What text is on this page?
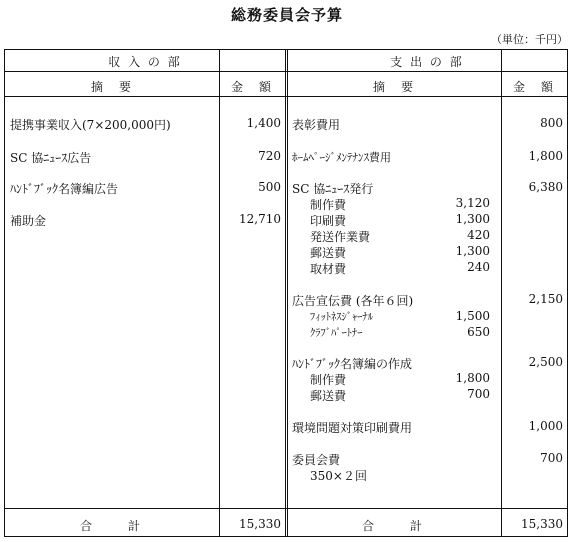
総務委員会予算
（単位：千円）
収 入 の 部
摘　要	金　額
支 出 の 部
摘　要	金　額
提携事業収入(7×200,000円)	1,400
SC 協ﾆｭｰｽ広告	720
ﾊﾝﾄﾞﾌﾞｯｸ名簿編広告	500
補助金	12,710
表彰費用	800
ﾎｰﾑﾍﾟｰｼﾞﾒﾝﾃﾅﾝｽ費用	1,800
SC 協ﾆｭｰｽ発行	6,380
制作費	3,120
印刷費	1,300
発送作業費	420
郵送費	1,300
取材費	240
広告宣伝費 (各年６回)	2,150
ﾌｨｯﾄﾈｽｼﾞｬｰﾅﾙ	1,500
ｸﾗﾌﾞﾊﾟｰﾄﾅｰ	650
ﾊﾝﾄﾞﾌﾞｯｸ名簿編の作成	2,500
制作費	1,800
郵送費	700
環境問題対策印刷費用	1,000
委員会費	700
350×２回
合　　計	15,330	合　　計	15,330
